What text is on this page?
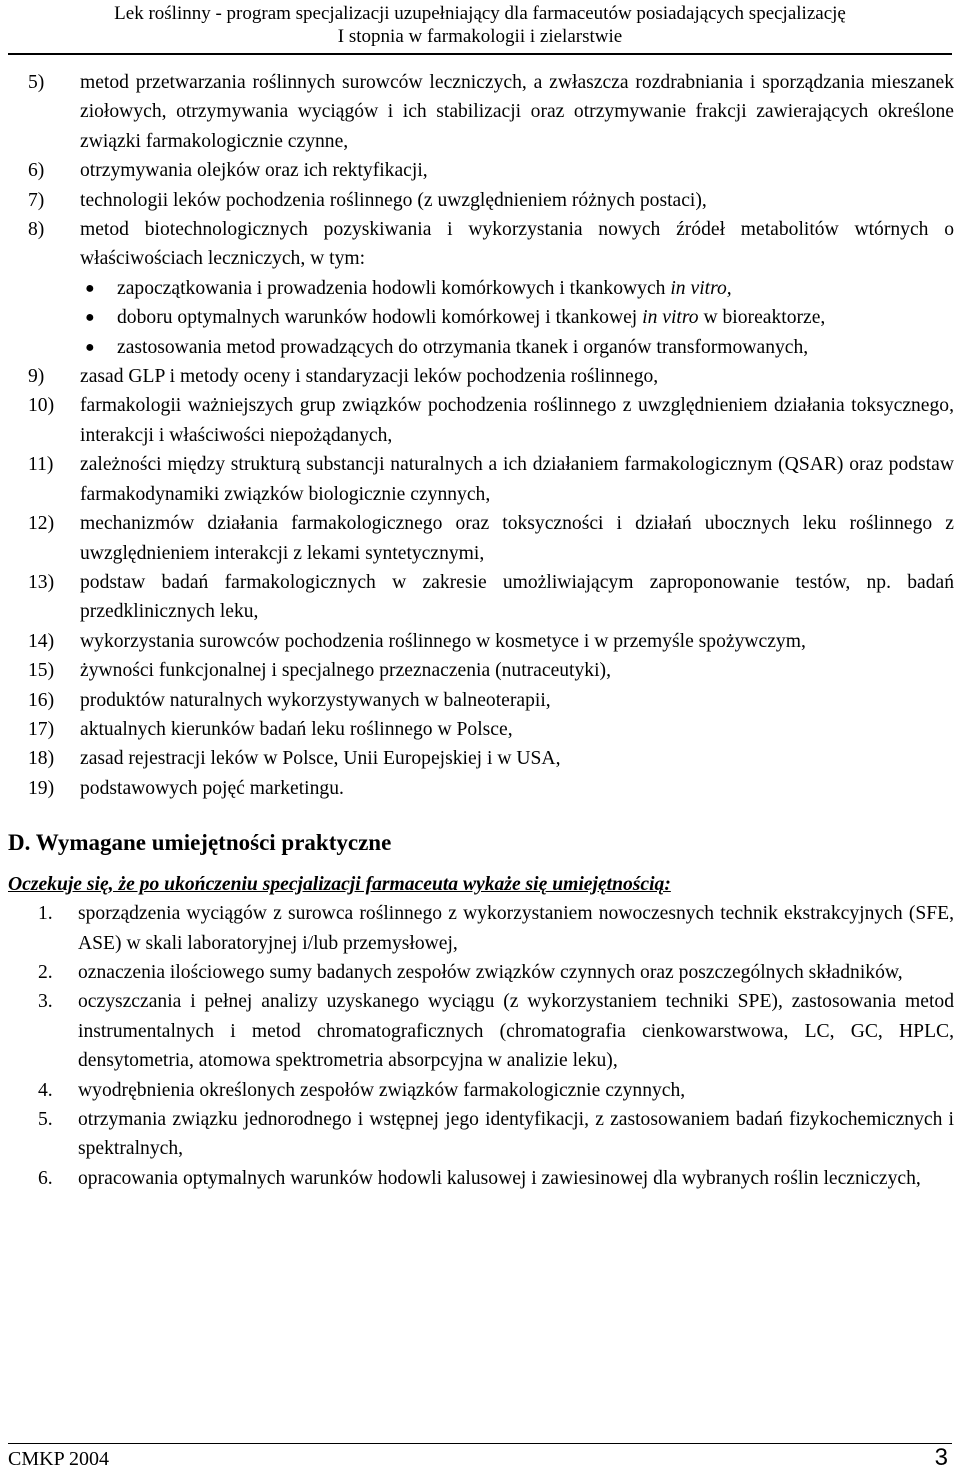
Lek roślinny - program specjalizacji uzupełniający dla farmaceutów posiadających specjalizację
I stopnia w farmakologii i zielarstwie
5) metod przetwarzania roślinnych surowców leczniczych, a zwłaszcza rozdrabniania i sporządzania mieszanek ziołowych, otrzymywania wyciągów i ich stabilizacji oraz otrzymywanie frakcji zawierających określone związki farmakologicznie czynne,
6) otrzymywania olejków oraz ich rektyfikacji,
7) technologii leków pochodzenia roślinnego (z uwzględnieniem różnych postaci),
8) metod biotechnologicznych pozyskiwania i wykorzystania nowych źródeł metabolitów wtórnych o właściwościach leczniczych, w tym:
● zapoczątkowania i prowadzenia hodowli komórkowych i tkankowych in vitro,
● doboru optymalnych warunków hodowli komórkowej i tkankowej in vitro w bioreaktorze,
● zastosowania metod prowadzących do otrzymania tkanek i organów transformowanych,
9) zasad GLP i metody oceny i standaryzacji leków pochodzenia roślinnego,
10) farmakologii ważniejszych grup związków pochodzenia roślinnego z uwzględnieniem działania toksycznego, interakcji i właściwości niepożądanych,
11) zależności między strukturą substancji naturalnych a ich działaniem farmakologicznym (QSAR) oraz podstaw farmakodynamiki związków biologicznie czynnych,
12) mechanizmów działania farmakologicznego oraz toksyczności i działań ubocznych leku roślinnego z uwzględnieniem interakcji z lekami syntetycznymi,
13) podstaw badań farmakologicznych w zakresie umożliwiającym zaproponowanie testów, np. badań przedklinicznych leku,
14) wykorzystania surowców pochodzenia roślinnego w kosmetyce i w przemyśle spożywczym,
15) żywności funkcjonalnej i specjalnego przeznaczenia (nutraceutyki),
16) produktów naturalnych wykorzystywanych w balneoterapii,
17) aktualnych kierunków badań leku roślinnego w Polsce,
18) zasad rejestracji leków w Polsce, Unii Europejskiej i w USA,
19) podstawowych pojęć marketingu.
D. Wymagane umiejętności praktyczne
Oczekuje się, że po ukończeniu specjalizacji farmaceuta wykaże się umiejętnością:
1. sporządzenia wyciągów z surowca roślinnego z wykorzystaniem nowoczesnych technik ekstrakcyjnych (SFE, ASE) w skali laboratoryjnej i/lub przemysłowej,
2. oznaczenia ilościowego sumy badanych zespołów związków czynnych oraz poszczególnych składników,
3. oczyszczania i pełnej analizy uzyskanego wyciągu (z wykorzystaniem techniki SPE), zastosowania metod instrumentalnych i metod chromatograficznych (chromatografia cienkowarstwowa, LC, GC, HPLC, densytometria, atomowa spektrometria absorpcyjna w analizie leku),
4. wyodrębnienia określonych zespołów związków farmakologicznie czynnych,
5. otrzymania związku jednorodnego i wstępnej jego identyfikacji, z zastosowaniem badań fizykochemicznych i spektralnych,
6. opracowania optymalnych warunków hodowli kalusowej i zawiesinowej dla wybranych roślin leczniczych,
CMKP 2004	3
